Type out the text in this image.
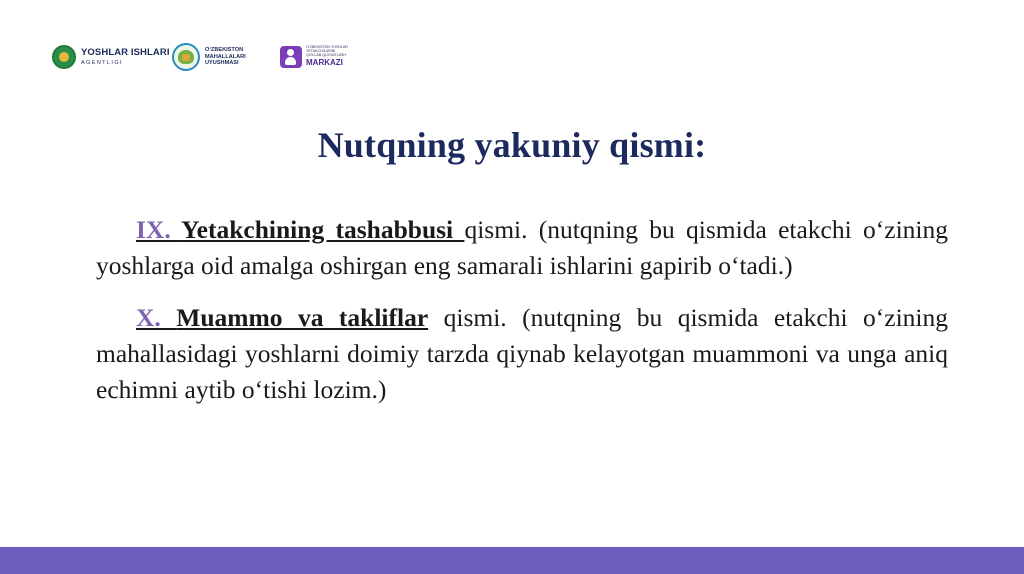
YOSHLAR ISHLARI
AGENTLIGI
O‘ZBEKISTON
MAHALLALARI
UYUSHMASI
O‘ZBEKISTON YOSHLAR
YETAKCHILARINI
QO‘LLAB-QUVVATLASH
MARKAZI
Nutqning yakuniy qismi:

IX. Yetakchining tashabbusi qismi. (nutqning bu qismida etakchi o‘zining yoshlarga oid amalga oshirgan eng samarali ishlarini gapirib o‘tadi.)

X. Muammo va takliflar qismi. (nutqning bu qismida etakchi o‘zining mahallasidagi yoshlarni doimiy tarzda qiynab kelayotgan muammoni va unga aniq echimni aytib o‘tishi lozim.)
